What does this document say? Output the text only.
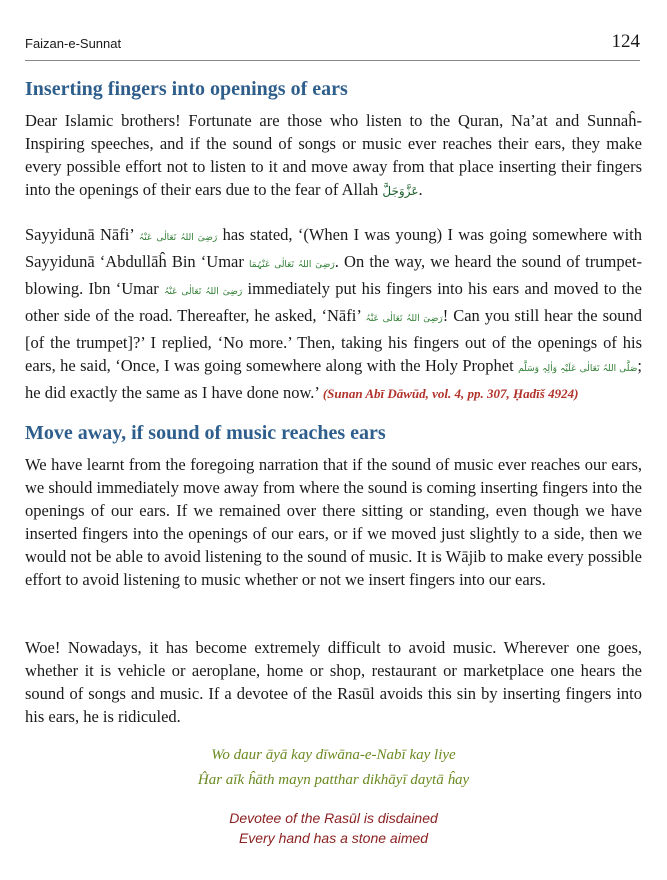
Faizan-e-Sunnat	124
Inserting fingers into openings of ears

Dear Islamic brothers! Fortunate are those who listen to the Quran, Na’at and Sunnaĥ-Inspiring speeches, and if the sound of songs or music ever reaches their ears, they make every possible effort not to listen to it and move away from that place inserting their fingers into the openings of their ears due to the fear of Allah عَزَّوَجَلَّ.

Sayyidunā Nāfi’ رَضِیَ اللہُ تَعَالٰی عَنْہُ has stated, ‘(When I was young) I was going somewhere with Sayyidunā ‘Abdullāĥ Bin ‘Umar رَضِیَ اللہُ تَعَالٰی عَنْہُمَا. On the way, we heard the sound of trumpet-blowing. Ibn ‘Umar رَضِیَ اللہُ تَعَالٰی عَنْہُ immediately put his fingers into his ears and moved to the other side of the road. Thereafter, he asked, ‘Nāfi’ رَضِیَ اللہُ تَعَالٰی عَنْہُ! Can you still hear the sound [of the trumpet]?’ I replied, ‘No more.’ Then, taking his fingers out of the openings of his ears, he said, ‘Once, I was going somewhere along with the Holy Prophet صَلَّی اللہُ تَعَالٰی عَلَیْہِ وَاٰلِہٖ وَسَلَّم; he did exactly the same as I have done now.’ (Sunan Abī Dāwūd, vol. 4, pp. 307, Ḥadīš 4924)

Move away, if sound of music reaches ears

We have learnt from the foregoing narration that if the sound of music ever reaches our ears, we should immediately move away from where the sound is coming inserting fingers into the openings of our ears. If we remained over there sitting or standing, even though we have inserted fingers into the openings of our ears, or if we moved just slightly to a side, then we would not be able to avoid listening to the sound of music. It is Wājib to make every possible effort to avoid listening to music whether or not we insert fingers into our ears.

Woe! Nowadays, it has become extremely difficult to avoid music. Wherever one goes, whether it is vehicle or aeroplane, home or shop, restaurant or marketplace one hears the sound of songs and music. If a devotee of the Rasūl avoids this sin by inserting fingers into his ears, he is ridiculed.

Wo daur āyā kay dīwāna-e-Nabī kay liye

Ĥar aīk ĥāth mayn patthar dikhāyī daytā ĥay

Devotee of the Rasūl is disdained

Every hand has a stone aimed
